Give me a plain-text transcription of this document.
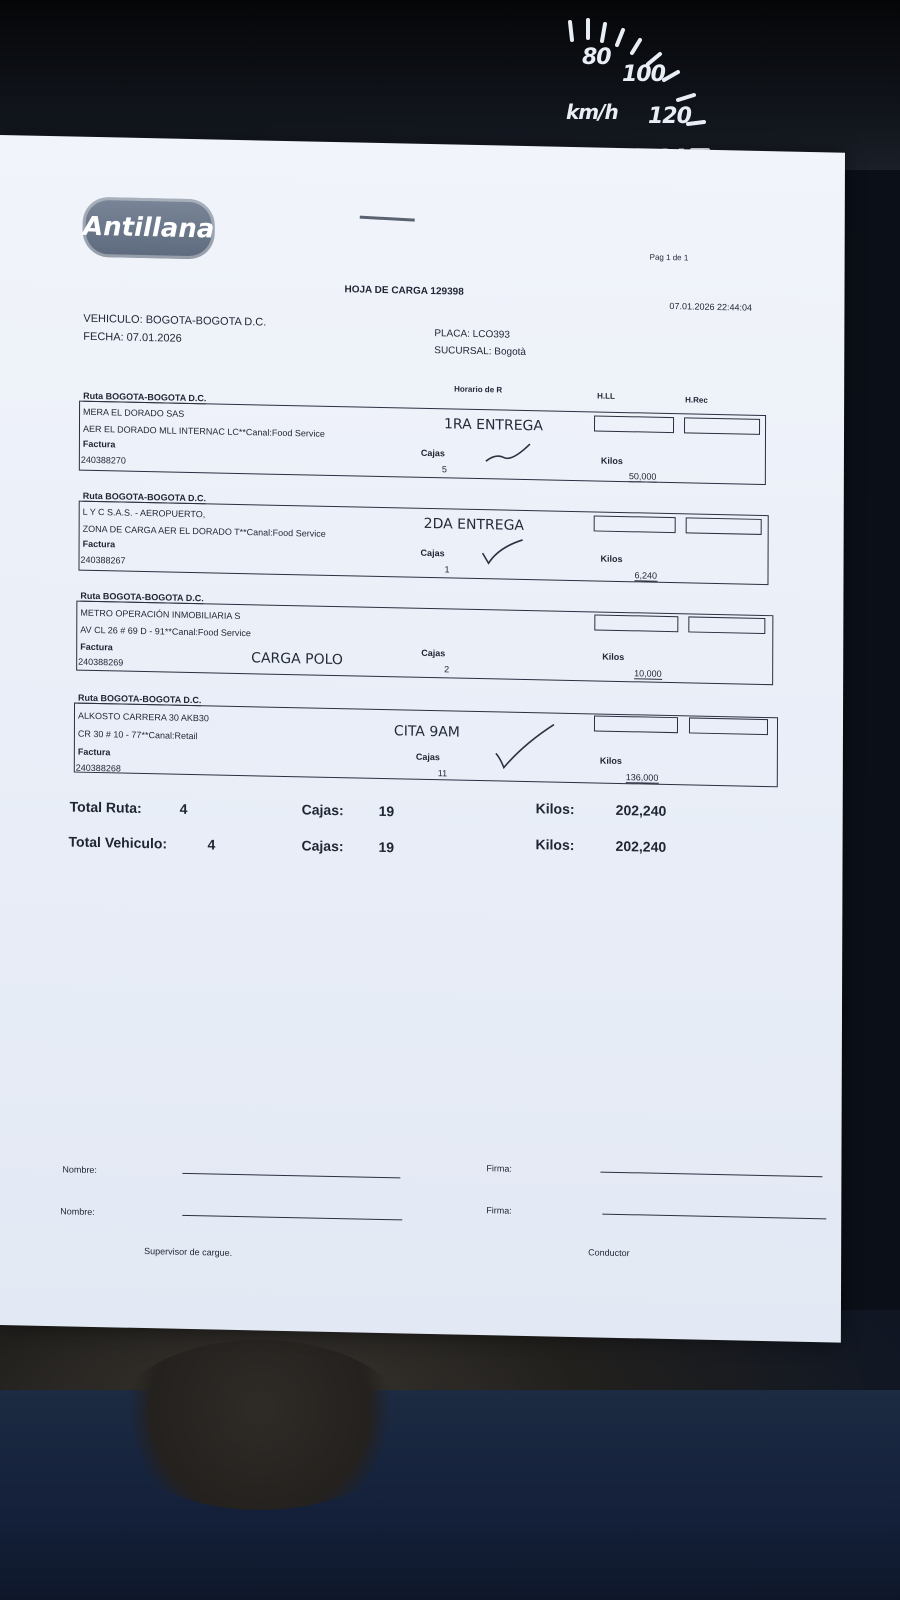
80
100
km/h 120
Antillana
Pag 1 de 1
HOJA DE CARGA 129398
07.01.2026 22:44:04
VEHICULO: BOGOTA-BOGOTA D.C.
FECHA: 07.01.2026	PLACA: LCO393
SUCURSAL: Bogotà
Horario de R
H.LL	H.Rec
Ruta BOGOTA-BOGOTA D.C.
MERA EL DORADO SAS
AER EL DORADO MLL INTERNAC LC**Canal:Food Service
Factura
240388270
Cajas
5
Kilos
50,000
1RA ENTREGA
Ruta BOGOTA-BOGOTA D.C.
L Y C S.A.S. - AEROPUERTO,
ZONA DE CARGA AER EL DORADO T**Canal:Food Service
Factura
240388267
Cajas
1
Kilos
6,240
2DA ENTREGA
Ruta BOGOTA-BOGOTA D.C.
METRO OPERACIÓN INMOBILIARIA S
AV CL 26 # 69 D - 91**Canal:Food Service
Factura
240388269
Cajas
2
Kilos
10,000
CARGA POLO
Ruta BOGOTA-BOGOTA D.C.
ALKOSTO CARRERA 30 AKB30
CR 30 # 10 - 77**Canal:Retail
Factura
240388268
Cajas
11
Kilos
136,000
CITA 9AM
Total Ruta:	4	Cajas: 19	Kilos:	202,240
Total Vehiculo:	4	Cajas: 19	Kilos:	202,240
Nombre:	Firma:
Nombre:	Firma:
Supervisor de cargue.	Conductor
